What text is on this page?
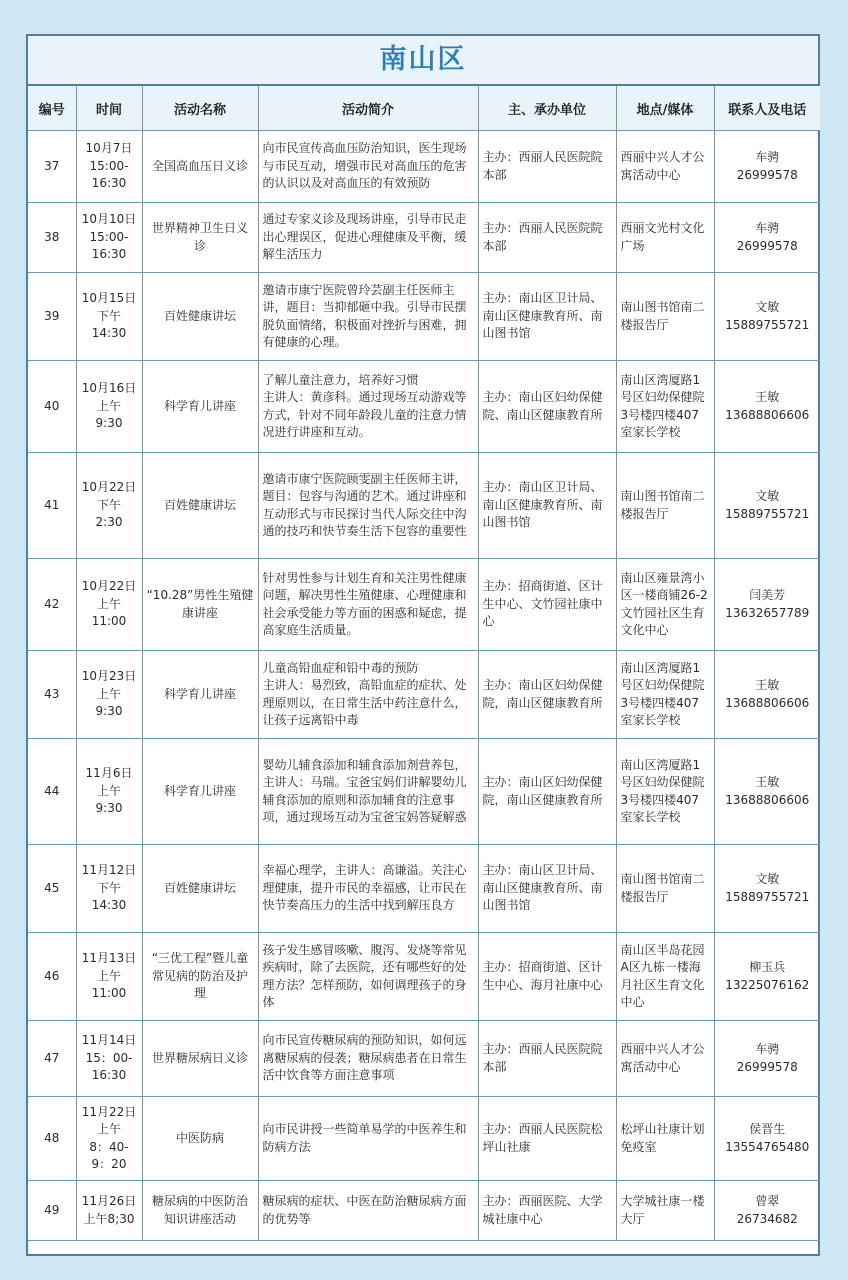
南山区
编号	时间	活动名称	活动简介	主、承办单位	地点/媒体	联系人及电话
37	10月7日
15:00-
16:30	全国高血压日义诊	向市民宣传高血压防治知识，医生现场与市民互动，增强市民对高血压的危害的认识以及对高血压的有效预防	主办：西丽人民医院院本部	西丽中兴人才公寓活动中心	车骋
26999578
38	10月10日
15:00-
16:30	世界精神卫生日义诊	通过专家义诊及现场讲座，引导市民走出心理误区，促进心理健康及平衡，缓解生活压力	主办：西丽人民医院院本部	西丽文光村文化广场	车骋
26999578
39	10月15日
下午
14:30	百姓健康讲坛	邀请市康宁医院曾玲芸副主任医师主讲，题目：当抑郁砸中我。引导市民摆脱负面情绪，积极面对挫折与困难，拥有健康的心理。	主办：南山区卫计局、南山区健康教育所、南山图书馆	南山图书馆南二楼报告厅	文敏
15889755721
40	10月16日
上午
9:30	科学育儿讲座	了解儿童注意力，培养好习惯
主讲人：黄彦科。通过现场互动游戏等方式，针对不同年龄段儿童的注意力情况进行讲座和互动。	主办：南山区妇幼保健院、南山区健康教育所	南山区湾厦路1号区妇幼保健院3号楼四楼407室家长学校	王敏
13688806606
41	10月22日
下午
2:30	百姓健康讲坛	邀请市康宁医院顾雯副主任医师主讲，题目：包容与沟通的艺术。通过讲座和互动形式与市民探讨当代人际交往中沟通的技巧和快节奏生活下包容的重要性	主办：南山区卫计局、南山区健康教育所、南山图书馆	南山图书馆南二楼报告厅	文敏
15889755721
42	10月22日
上午
11:00	“10.28”男性生殖健康讲座	针对男性参与计划生育和关注男性健康问题，解决男性生殖健康、心理健康和社会承受能力等方面的困惑和疑虑，提高家庭生活质量。	主办：招商街道、区计生中心、文竹园社康中心	南山区雍景湾小区一楼商铺26-2文竹园社区生育文化中心	闫美芳
13632657789
43	10月23日
上午
9:30	科学育儿讲座	儿童高铅血症和铅中毒的预防
主讲人：易烈致，高铅血症的症状、处理原则以，在日常生活中药注意什么，让孩子远离铅中毒	主办：南山区妇幼保健院，南山区健康教育所	南山区湾厦路1号区妇幼保健院3号楼四楼407室家长学校	王敏
13688806606
44	11月6日
上午
9:30	科学育儿讲座	婴幼儿辅食添加和辅食添加剂营养包，主讲人：马瑞。宝爸宝妈们讲解婴幼儿辅食添加的原则和添加辅食的注意事项，通过现场互动为宝爸宝妈答疑解惑	主办：南山区妇幼保健院，南山区健康教育所	南山区湾厦路1号区妇幼保健院3号楼四楼407室家长学校	王敏
13688806606
45	11月12日
下午
14:30	百姓健康讲坛	幸福心理学，主讲人：高谦溢。关注心理健康，提升市民的幸福感，让市民在快节奏高压力的生活中找到解压良方	主办：南山区卫计局、南山区健康教育所、南山图书馆	南山图书馆南二楼报告厅	文敏
15889755721
46	11月13日
上午
11:00	“三优工程”暨儿童常见病的防治及护理	孩子发生感冒咳嗽、腹泻、发烧等常见疾病时，除了去医院，还有哪些好的处理方法？怎样预防，如何调理孩子的身体	主办：招商街道、区计生中心、海月社康中心	南山区半岛花园A区九栋一楼海月社区生育文化中心	柳玉兵
13225076162
47	11月14日
15：00-
16:30	世界糖尿病日义诊	向市民宣传糖尿病的预防知识，如何远离糖尿病的侵袭；糖尿病患者在日常生活中饮食等方面注意事项	主办：西丽人民医院院本部	西丽中兴人才公寓活动中心	车骋
26999578
48	11月22日
上午
8：40-
9：20	中医防病	向市民讲授一些简单易学的中医养生和防病方法	主办：西丽人民医院松坪山社康	松坪山社康计划免疫室	侯晋生
13554765480
49	11月26日
上午8;30	糖尿病的中医防治知识讲座活动	糖尿病的症状、中医在防治糖尿病方面的优势等	主办：西丽医院、大学城社康中心	大学城社康一楼大厅	曾翠
26734682
